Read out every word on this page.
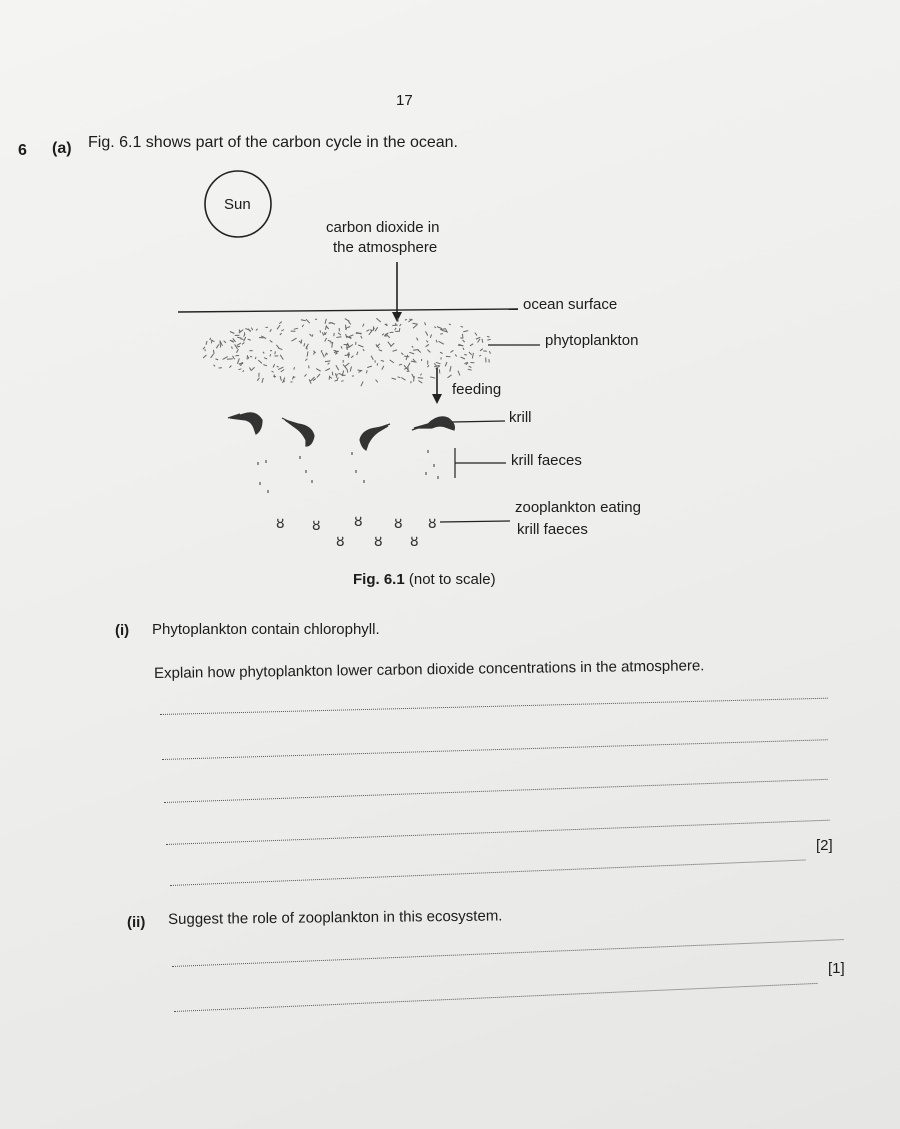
17
6 (a) Fig. 6.1 shows part of the carbon cycle in the ocean.
Sun
carbon dioxide in
the atmosphere
ocean surface
phytoplankton
feeding
krill
krill faeces
ȣ ȣ
ȣ
ȣ
ȣ
ȣ
ȣ
ȣ
zooplankton eating
krill faeces
Fig. 6.1 (not to scale)
(i) Phytoplankton contain chlorophyll.
Explain how phytoplankton lower carbon dioxide concentrations in the atmosphere.
[2]
(ii) Suggest the role of zooplankton in this ecosystem.
[1]
